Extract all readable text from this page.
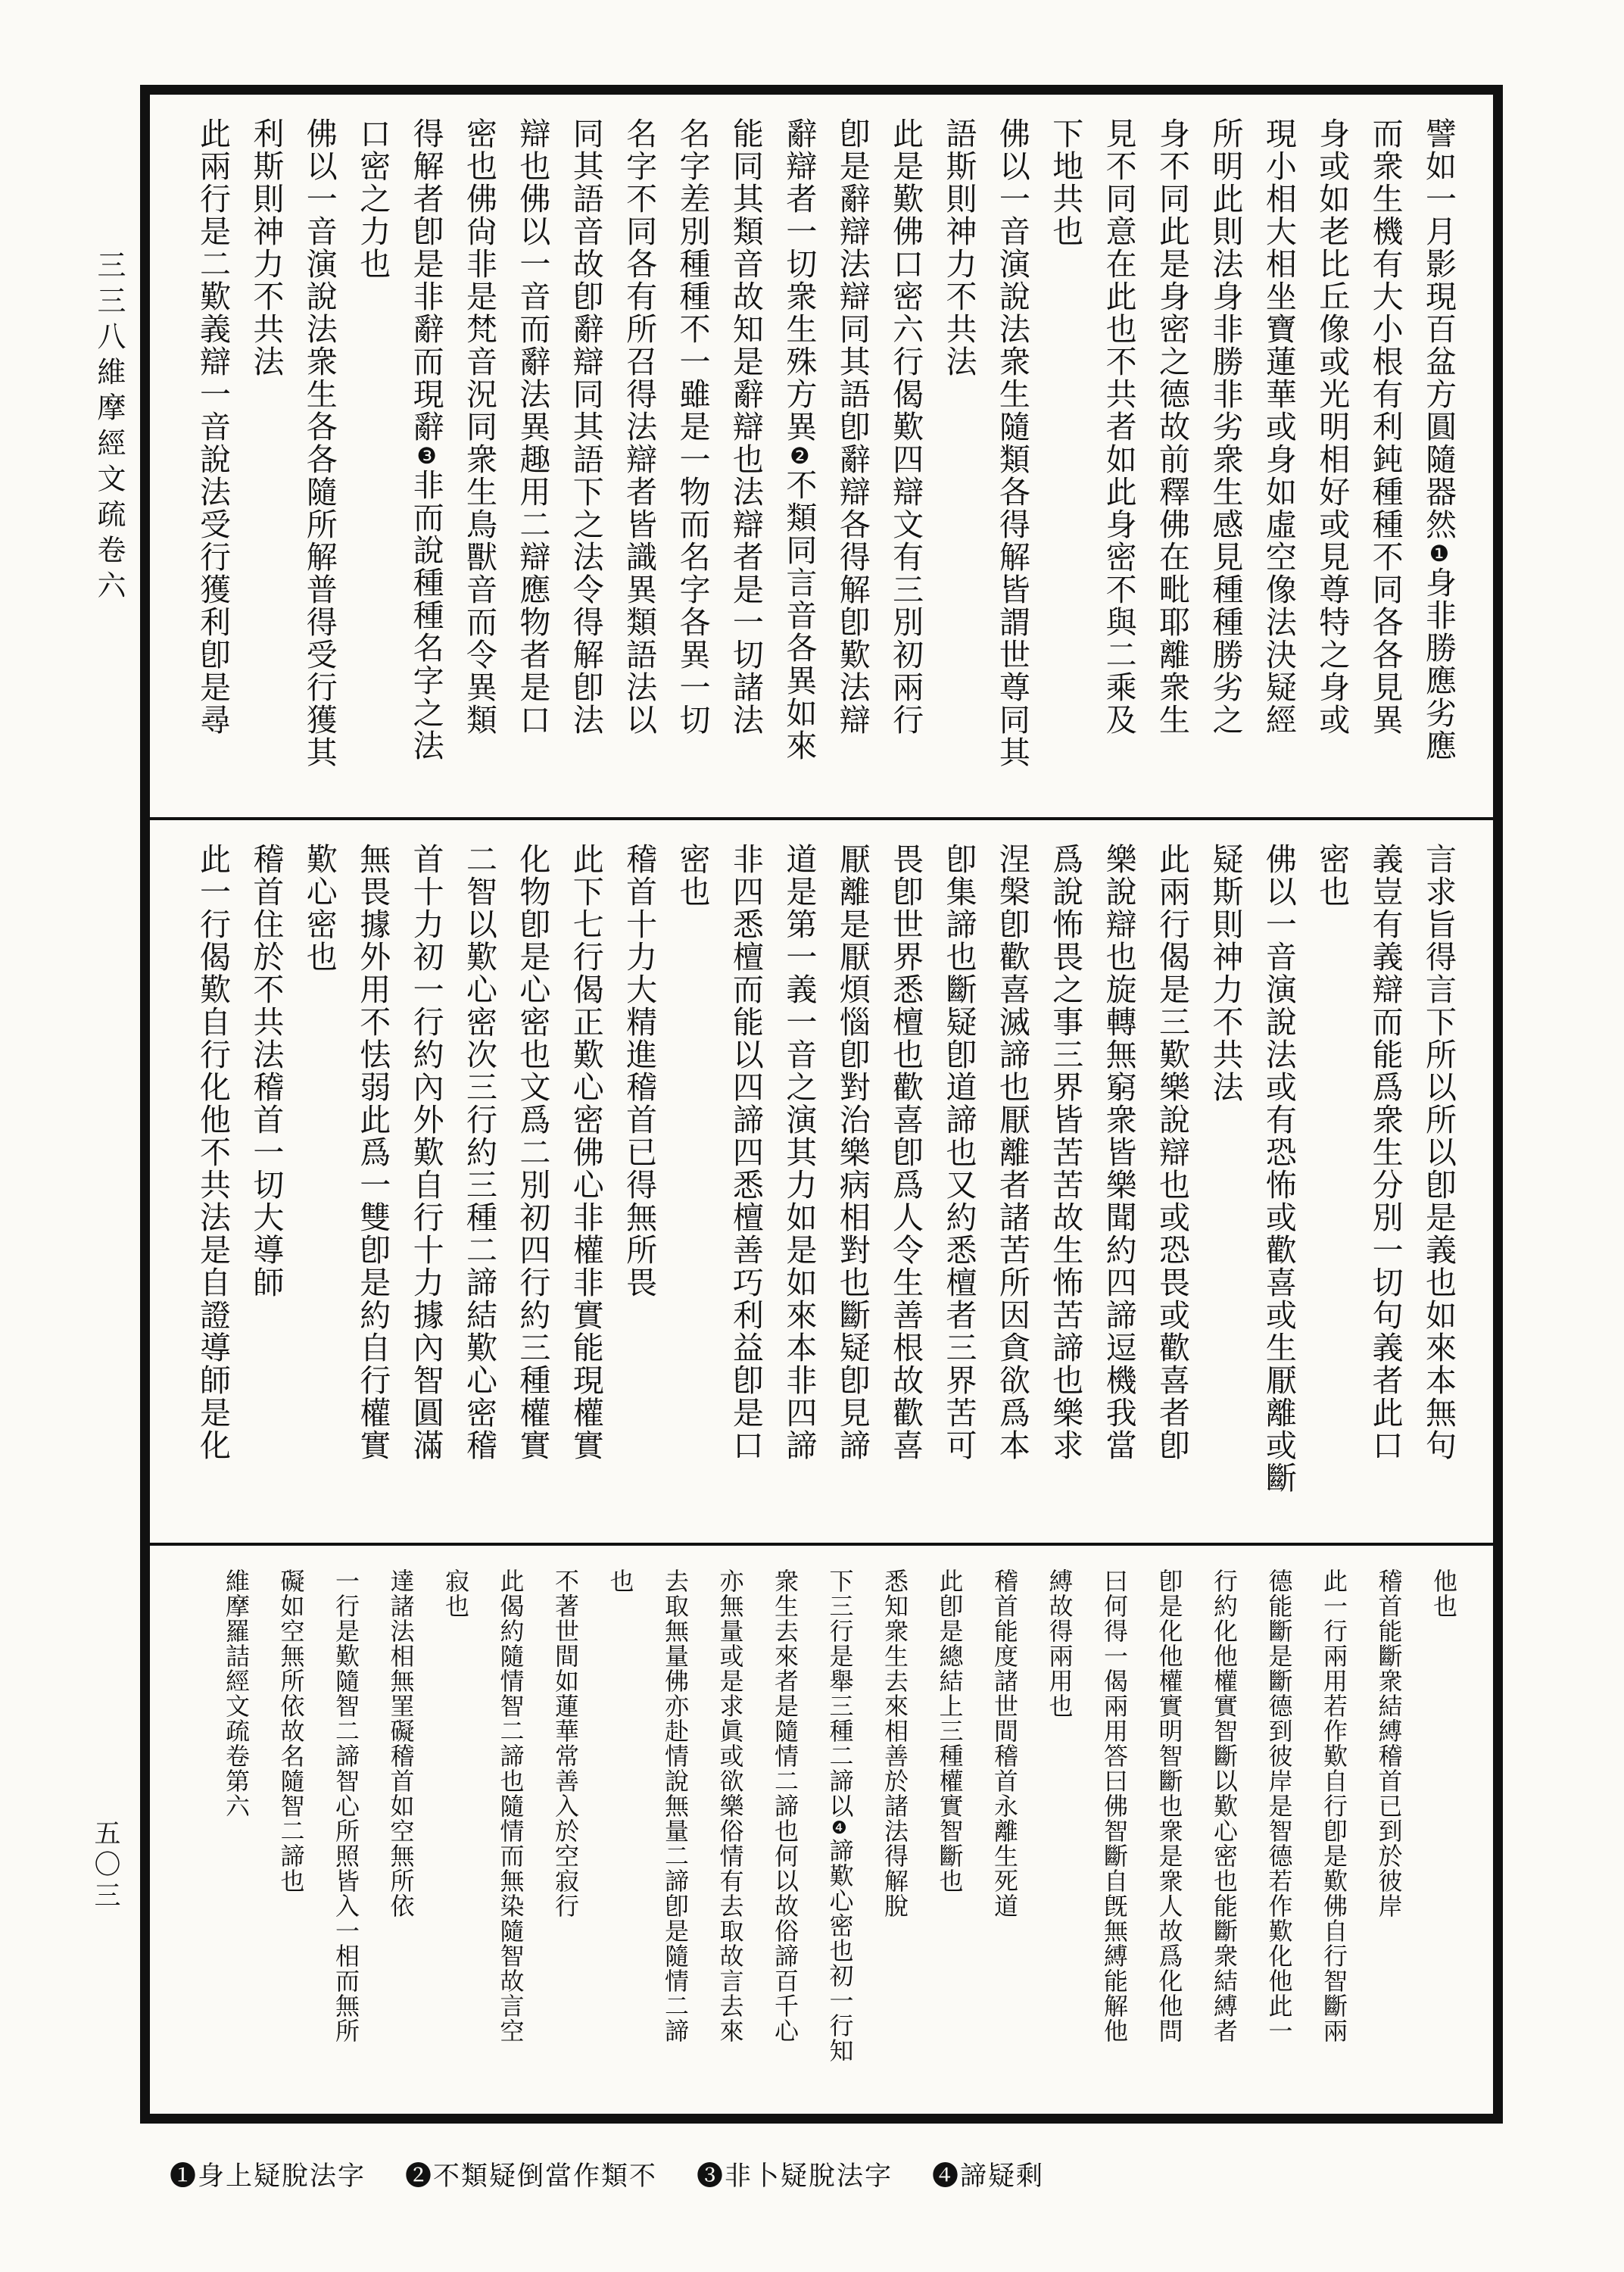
三三八維摩經文疏卷六
五〇三
譬如一月影現百盆方圓隨器然❶身非勝應劣應
而衆生機有大小根有利鈍種種不同各各見異
身或如老比丘像或光明相好或見尊特之身或
現小相大相坐寶蓮華或身如虛空像法決疑經
所明此則法身非勝非劣衆生感見種種勝劣之
身不同此是身密之德故前釋佛在毗耶離衆生
見不同意在此也不共者如此身密不與二乘及
下地共也
佛以一音演說法衆生隨類各得解皆謂世尊同其
語斯則神力不共法
此是歎佛口密六行偈歎四辯文有三別初兩行
卽是辭辯法辯同其語卽辭辯各得解卽歎法辯
辭辯者一切衆生殊方異❷不類同言音各異如來
能同其類音故知是辭辯也法辯者是一切諸法
名字差別種種不一雖是一物而名字各異一切
名字不同各有所召得法辯者皆識異類語法以
同其語音故卽辭辯同其語下之法令得解卽法
辯也佛以一音而辭法異趣用二辯應物者是口
密也佛尙非是梵音況同衆生鳥獸音而令異類
得解者卽是非辭而現辭❸非而說種種名字之法
口密之力也
佛以一音演說法衆生各各隨所解普得受行獲其
利斯則神力不共法
此兩行是二歎義辯一音說法受行獲利卽是尋
言求旨得言下所以所以卽是義也如來本無句
義豈有義辯而能爲衆生分別一切句義者此口
密也
佛以一音演說法或有恐怖或歡喜或生厭離或斷
疑斯則神力不共法
此兩行偈是三歎樂說辯也或恐畏或歡喜者卽
樂說辯也旋轉無窮衆皆樂聞約四諦逗機我當
爲說怖畏之事三界皆苦苦故生怖苦諦也樂求
涅槃卽歡喜滅諦也厭離者諸苦所因貪欲爲本
卽集諦也斷疑卽道諦也又約悉檀者三界苦可
畏卽世界悉檀也歡喜卽爲人令生善根故歡喜
厭離是厭煩惱卽對治樂病相對也斷疑卽見諦
道是第一義一音之演其力如是如來本非四諦
非四悉檀而能以四諦四悉檀善巧利益卽是口
密也
稽首十力大精進稽首已得無所畏
此下七行偈正歎心密佛心非權非實能現權實
化物卽是心密也文爲二別初四行約三種權實
二智以歎心密次三行約三種二諦結歎心密稽
首十力初一行約內外歎自行十力據內智圓滿
無畏據外用不怯弱此爲一雙卽是約自行權實
歎心密也
稽首住於不共法稽首一切大導師
此一行偈歎自行化他不共法是自證導師是化
他也
稽首能斷衆結縛稽首已到於彼岸
此一行兩用若作歎自行卽是歎佛自行智斷兩
德能斷是斷德到彼岸是智德若作歎化他此一
行約化他權實智斷以歎心密也能斷衆結縛者
卽是化他權實明智斷也衆是衆人故爲化他問
曰何得一偈兩用答曰佛智斷自旣無縛能解他
縛故得兩用也
稽首能度諸世間稽首永離生死道
此卽是總結上三種權實智斷也
悉知衆生去來相善於諸法得解脫
下三行是舉三種二諦以❹諦歎心密也初一行知
衆生去來者是隨情二諦也何以故俗諦百千心
亦無量或是求眞或欲樂俗情有去取故言去來
去取無量佛亦赴情說無量二諦卽是隨情二諦
也
不著世間如蓮華常善入於空寂行
此偈約隨情智二諦也隨情而無染隨智故言空
寂也
達諸法相無罣礙稽首如空無所依
一行是歎隨智二諦智心所照皆入一相而無所
礙如空無所依故名隨智二諦也
維摩羅詰經文疏卷第六
❶身上疑脫法字 ❷不類疑倒當作類不 ❸非卜疑脫法字 ❹諦疑剩
